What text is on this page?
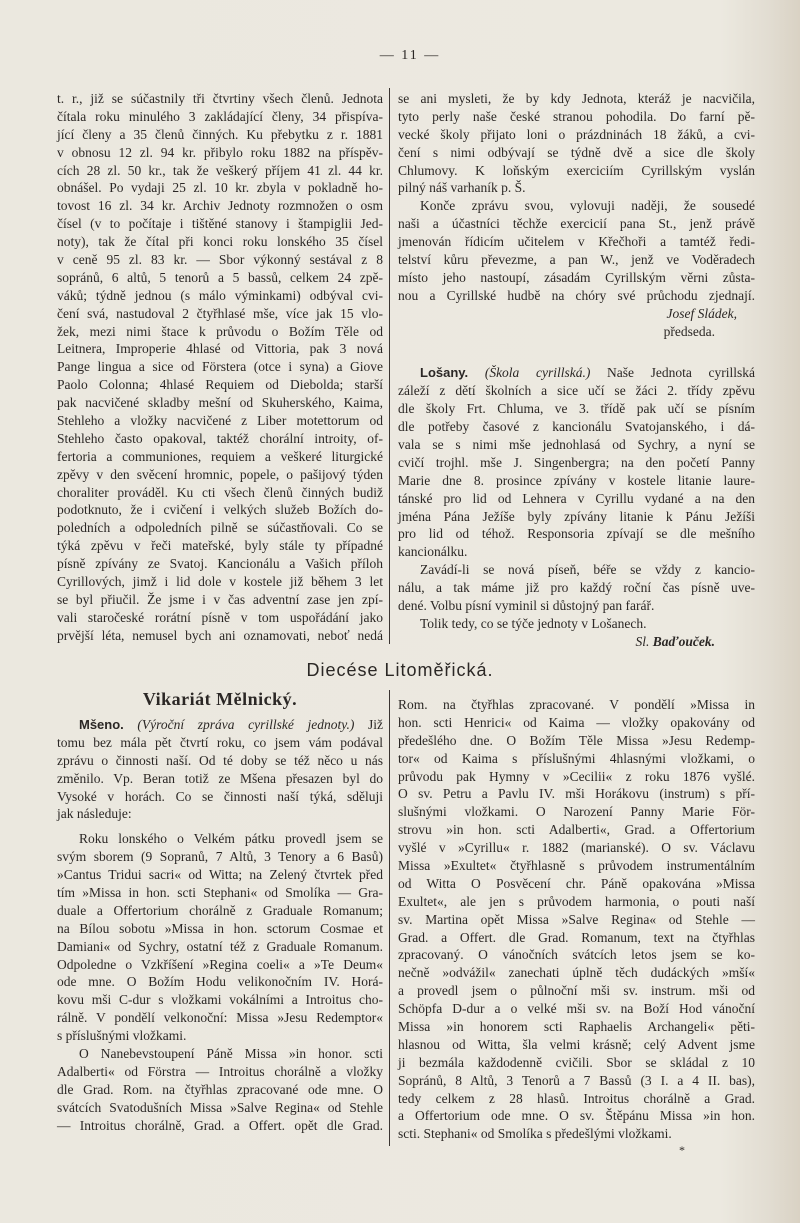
— 11 —
t. r., již se súčastnily tři čtvrtiny všech členů. Jednota
čítala roku minulého 3 zakládající členy, 34 přispíva-
jící členy a 35 členů činných. Ku přebytku z r. 1881
v obnosu 12 zl. 94 kr. přibylo roku 1882 na příspěv-
cích 28 zl. 50 kr., tak že veškerý příjem 41 zl. 44 kr.
obnášel. Po vydaji 25 zl. 10 kr. zbyla v pokladně ho-
tovost 16 zl. 34 kr. Archiv Jednoty rozmnožen o osm
čísel (v to počítaje i tištěné stanovy i štampiglii Jed-
noty), tak že čítal při konci roku lonského 35 čísel
v ceně 95 zl. 83 kr. — Sbor výkonný sestával z 8
sopránů, 6 altů, 5 tenorů a 5 bassů, celkem 24 zpě-
váků; týdně jednou (s málo výminkami) odbýval cvi-
čení svá, nastudoval 2 čtyřhlasé mše, více jak 15 vlo-
žek, mezi nimi štace k průvodu o Božím Těle od
Leitnera, Improperie 4hlasé od Vittoria, pak 3 nová
Pange lingua a sice od Förstera (otce i syna) a Giove
Paolo Colonna; 4hlasé Requiem od Diebolda; starší
pak nacvičené skladby mešní od Skuherského, Kaima,
Stehleho a vložky nacvičené z Liber motettorum od
Stehleho často opakoval, taktéž chorální introity, of-
fertoria a communiones, requiem a veškeré liturgické
zpěvy v den svěcení hromnic, popele, o pašijový týden
choraliter prováděl. Ku cti všech členů činných budiž
podotknuto, že i cvičení i velkých služeb Božích do-
poledních a odpoledních pilně se súčastňovali. Co se
týká zpěvu v řeči mateřské, byly stále ty případné
písně zpívány ze Svatoj. Kancionálu a Vašich příloh
Cyrillových, jimž i lid dole v kostele již během 3 let
se byl přiučil. Že jsme i v čas adventní zase jen zpí-
vali staročeské rorátní písně v tom uspořádání jako
prvější léta, nemusel bych ani oznamovati, neboť nedá
se ani mysleti, že by kdy Jednota, kteráž je nacvičila,
tyto perly naše české stranou pohodila. Do farní pě-
vecké školy přijato loni o prázdninách 18 žáků, a cvi-
čení s nimi odbývají se týdně dvě a sice dle školy
Chlumovy. K loňským exerciciím Cyrillským vyslán
pilný náš varhaník p. Š.
Konče zprávu svou, vylovuji naději, že sousedé
naši a účastníci těchže exercicií pana St., jenž právě
jmenován řídicím učitelem v Křečhoři a tamtéž ředi-
telství kůru převezme, a pan W., jenž ve Voděradech
místo jeho nastoupí, zásadám Cyrillským věrni zůsta-
nou a Cyrillské hudbě na chóry své průchodu zjednají.
Josef Sládek,
předseda.
Lošany. (Škola cyrillská.) Naše Jednota cyrillská
záleží z dětí školních a sice učí se žáci 2. třídy zpěvu
dle školy Frt. Chluma, ve 3. třídě pak učí se písním
dle potřeby časové z kancionálu Svatojanského, i dá-
vala se s nimi mše jednohlasá od Sychry, a nyní se
cvičí trojhl. mše J. Singenbergra; na den početí Panny
Marie dne 8. prosince zpívány v kostele litanie laure-
tánské pro lid od Lehnera v Cyrillu vydané a na den
jména Pána Ježíše byly zpívány litanie k Pánu Ježíši
pro lid od téhož. Responsoria zpívají se dle mešního
kancionálku.
Zavádí-li se nová píseň, béře se vždy z kancio-
nálu, a tak máme již pro každý roční čas písně uve-
dené. Volbu písní vyminil si důstojný pan farář.
Tolik tedy, co se týče jednoty v Lošanech.
Sl. Baďouček.
Diecése Litoměřická.
Vikariát Mělnický.
Mšeno. (Výroční zpráva cyrillské jednoty.) Již
tomu bez mála pět čtvrtí roku, co jsem vám podával
zprávu o činnosti naší. Od té doby se též něco u nás
změnilo. Vp. Beran totiž ze Mšena přesazen byl do
Vysoké v horách. Co se činnosti naší týká, sděluji
jak následuje:
Roku lonského o Velkém pátku provedl jsem se
svým sborem (9 Sopranů, 7 Altů, 3 Tenory a 6 Basů)
»Cantus Tridui sacri« od Witta; na Zelený čtvrtek před
tím »Missa in hon. scti Stephani« od Smolíka — Gra-
duale a Offertorium chorálně z Graduale Romanum;
na Bílou sobotu »Missa in hon. sctorum Cosmae et
Damiani« od Sychry, ostatní též z Graduale Romanum.
Odpoledne o Vzkříšení »Regina coeli« a »Te Deum«
ode mne. O Božím Hodu velikonočním IV. Horá-
kovu mši C-dur s vložkami vokálními a Introitus cho-
rálně. V pondělí velkonoční: Missa »Jesu Redemptor«
s příslušnými vložkami.
O Nanebevstoupení Páně Missa »in honor. scti
Adalberti« od Förstra — Introitus chorálně a vložky
dle Grad. Rom. na čtyřhlas zpracované ode mne. O
svátcích Svatodušních Missa »Salve Regina« od Stehle
— Introitus chorálně, Grad. a Offert. opět dle Grad.
Rom. na čtyřhlas zpracované. V pondělí »Missa in
hon. scti Henrici« od Kaima — vložky opakovány od
předešlého dne. O Božím Těle Missa »Jesu Redemp-
tor« od Kaima s příslušnými 4hlasnými vložkami, o
průvodu pak Hymny v »Cecilii« z roku 1876 vyšlé.
O sv. Petru a Pavlu IV. mši Horákovu (instrum) s pří-
slušnými vložkami. O Narození Panny Marie För-
strovu »in hon. scti Adalberti«, Grad. a Offertorium
vyšlé v »Cyrillu« r. 1882 (marianské). O sv. Václavu
Missa »Exultet« čtyřhlasně s průvodem instrumentálním
od Witta O Posvěcení chr. Páně opakována »Missa
Exultet«, ale jen s průvodem harmonia, o pouti naší
sv. Martina opět Missa »Salve Regina« od Stehle —
Grad. a Offert. dle Grad. Romanum, text na čtyřhlas
zpracovaný. O vánočních svátcích letos jsem se ko-
nečně »odvážil« zanechati úplně těch dudáckých »mší«
a provedl jsem o půlnoční mši sv. instrum. mši od
Schöpfa D-dur a o velké mši sv. na Boží Hod vánoční
Missa »in honorem scti Raphaelis Archangeli« pěti-
hlasnou od Witta, šla velmi krásně; celý Advent jsme
ji bezmála každodenně cvičili. Sbor se skládal z 10
Sopránů, 8 Altů, 3 Tenorů a 7 Bassů (3 I. a 4 II. bas),
tedy celkem z 28 hlasů. Introitus chorálně a Grad.
a Offertorium ode mne. O sv. Štěpánu Missa »in hon.
scti. Stephani« od Smolíka s předešlými vložkami.
*
